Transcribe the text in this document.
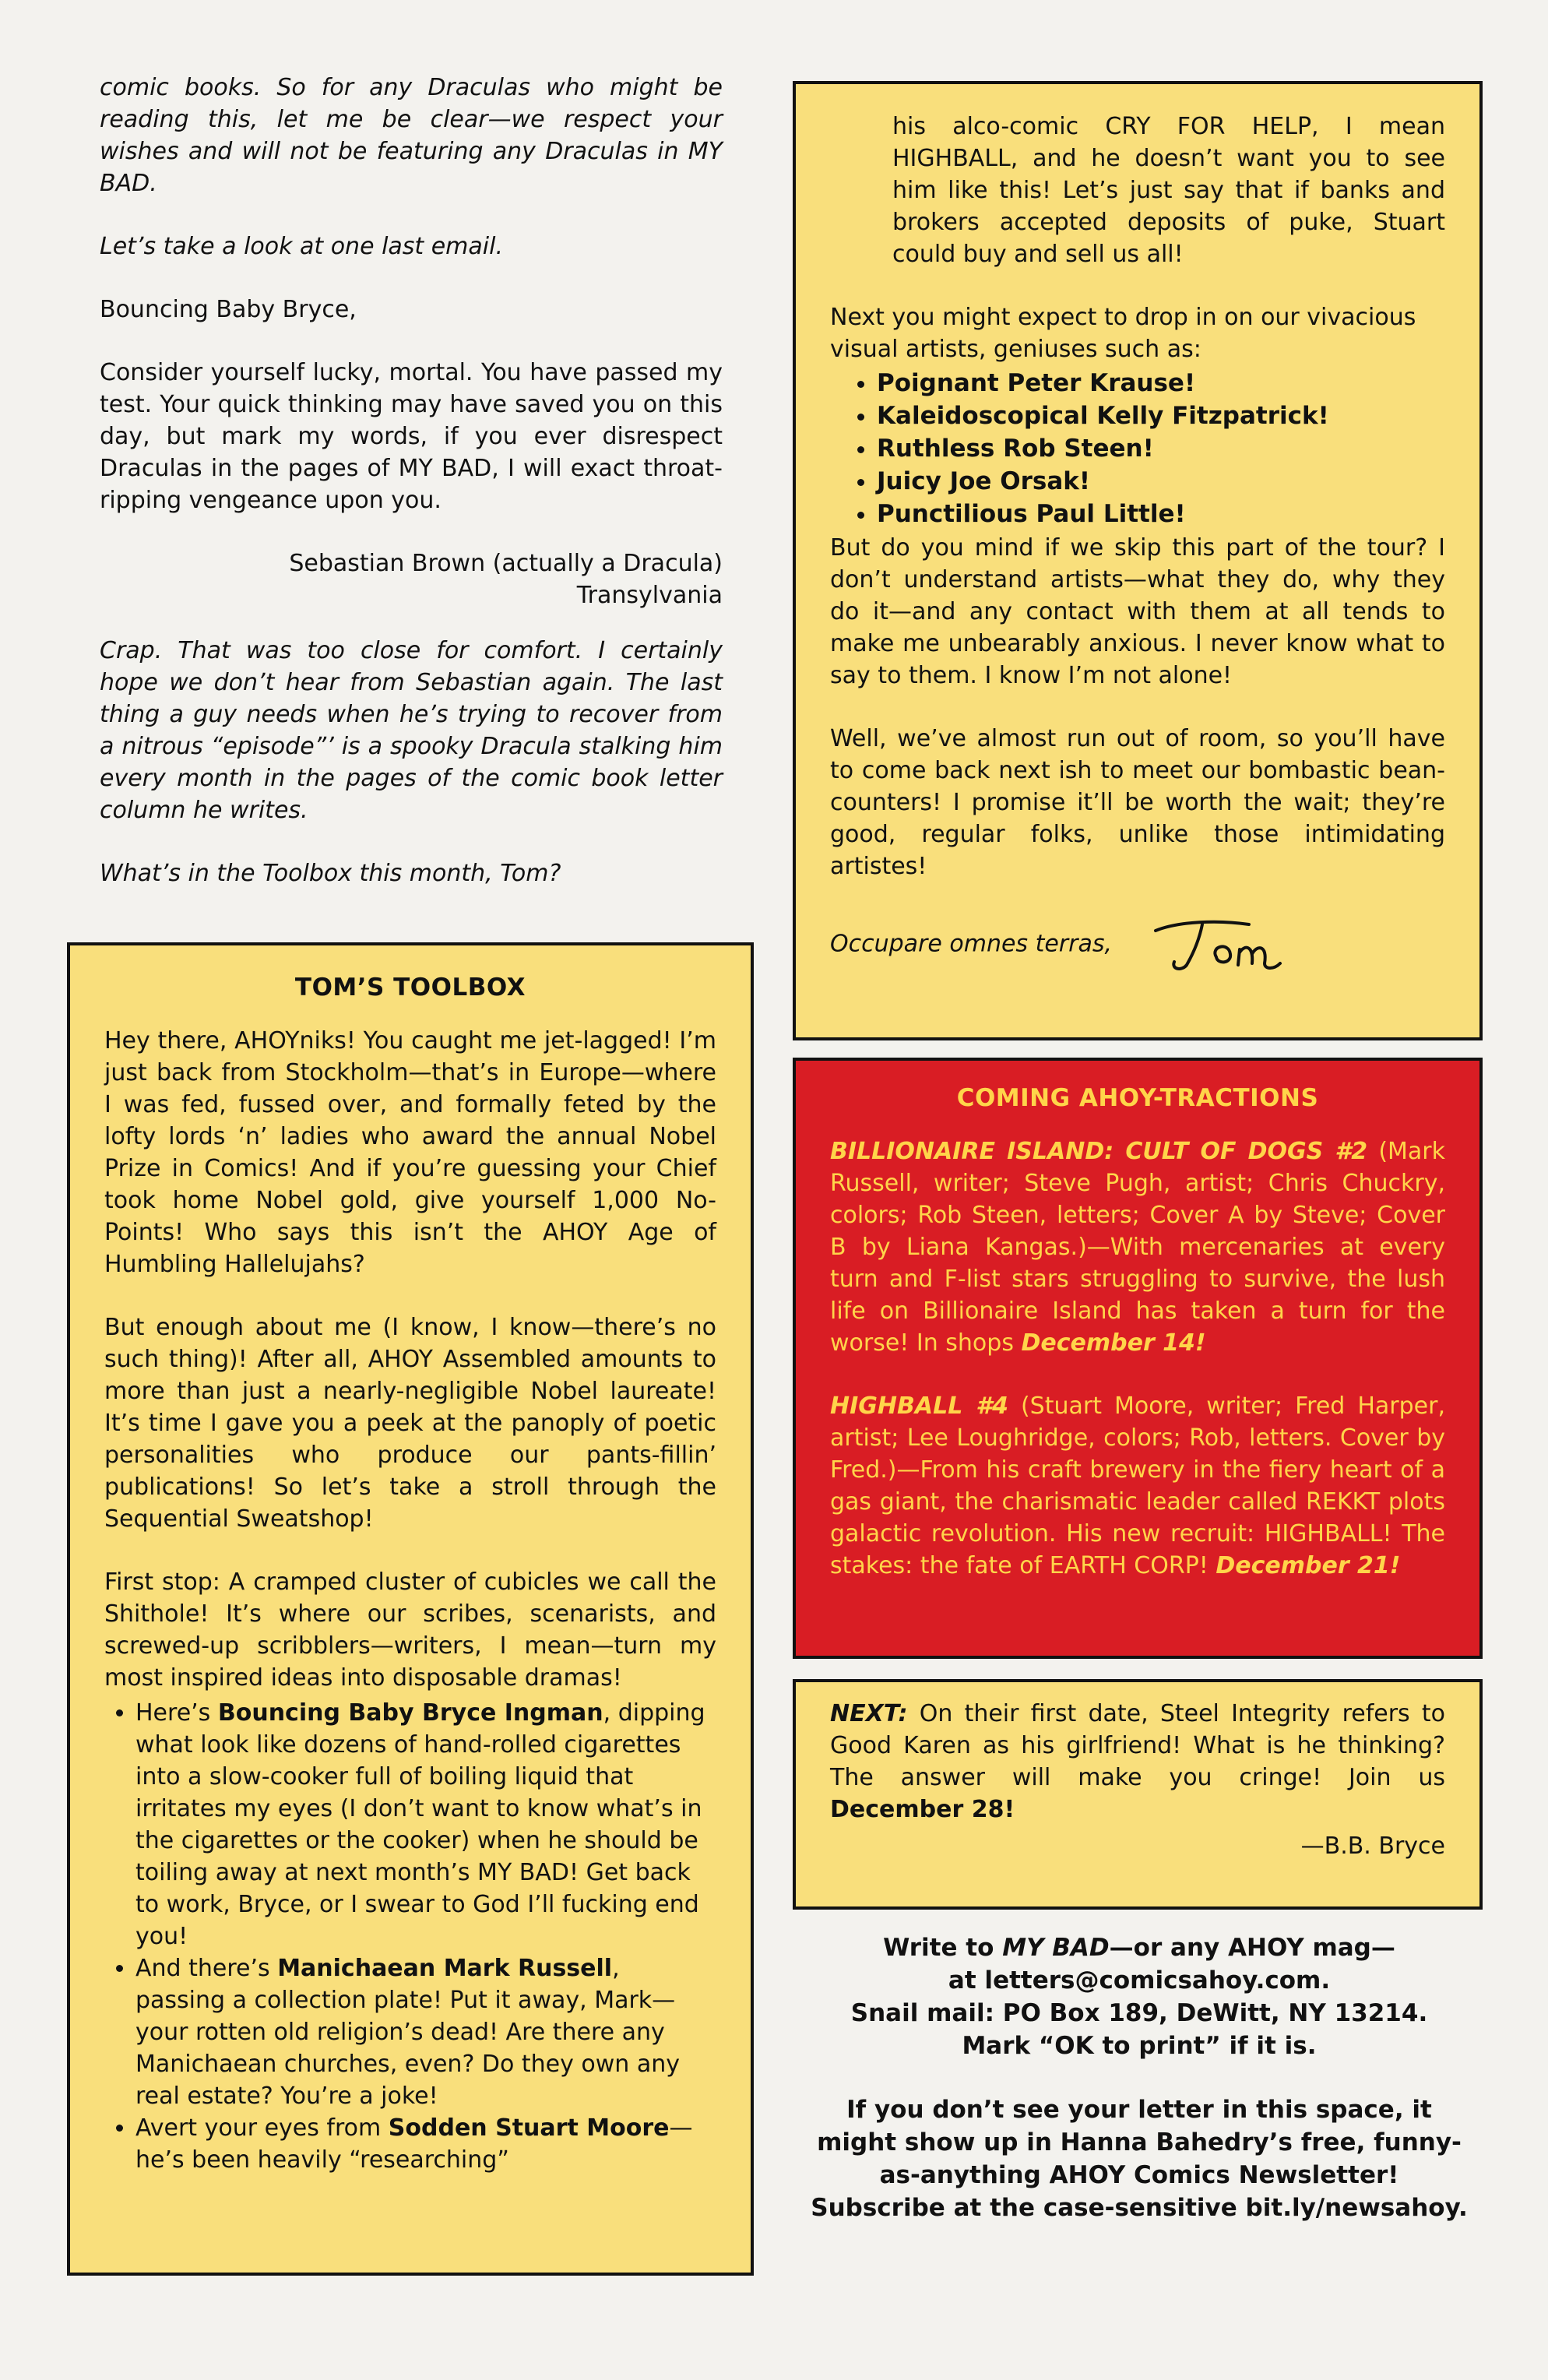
comic books. So for any Draculas who might be reading this, let me be clear—we respect your wishes and will not be featuring any Draculas in MY BAD.

Let’s take a look at one last email.

Bouncing Baby Bryce,

Consider yourself lucky, mortal. You have passed my test. Your quick thinking may have saved you on this day, but mark my words, if you ever disrespect Draculas in the pages of MY BAD, I will exact throat-ripping vengeance upon you.

Sebastian Brown (actually a Dracula)
Transylvania

Crap. That was too close for comfort. I certainly hope we don’t hear from Sebastian again. The last thing a guy needs when he’s trying to recover from a nitrous “episode”’ is a spooky Dracula stalking him every month in the pages of the comic book letter column he writes.

What’s in the Toolbox this month, Tom?

TOM’S TOOLBOX

Hey there, AHOYniks! You caught me jet-lagged! I’m just back from Stockholm—that’s in Europe—where I was fed, fussed over, and formally feted by the lofty lords ‘n’ ladies who award the annual Nobel Prize in Comics! And if you’re guessing your Chief took home Nobel gold, give yourself 1,000 No-Points! Who says this isn’t the AHOY Age of Humbling Hallelujahs?

But enough about me (I know, I know—there’s no such thing)! After all, AHOY Assembled amounts to more than just a nearly-negligible Nobel laureate! It’s time I gave you a peek at the panoply of poetic personalities who produce our pants-fillin’ publications! So let’s take a stroll through the Sequential Sweatshop!

First stop: A cramped cluster of cubicles we call the Shithole! It’s where our scribes, scenarists, and screwed-up scribblers—writers, I mean—turn my most inspired ideas into disposable dramas!

• Here’s Bouncing Baby Bryce Ingman, dipping what look like dozens of hand-rolled cigarettes into a slow-cooker full of boiling liquid that irritates my eyes (I don’t want to know what’s in the cigarettes or the cooker) when he should be toiling away at next month’s MY BAD! Get back to work, Bryce, or I swear to God I’ll fucking end you!
• And there’s Manichaean Mark Russell, passing a collection plate! Put it away, Mark—your rotten old religion’s dead! Are there any Manichaean churches, even? Do they own any real estate? You’re a joke!
• Avert your eyes from Sodden Stuart Moore—he’s been heavily “researching”

his alco-comic CRY FOR HELP, I mean HIGHBALL, and he doesn’t want you to see him like this! Let’s just say that if banks and brokers accepted deposits of puke, Stuart could buy and sell us all!

Next you might expect to drop in on our vivacious visual artists, geniuses such as:

• Poignant Peter Krause!
• Kaleidoscopical Kelly Fitzpatrick!
• Ruthless Rob Steen!
• Juicy Joe Orsak!
• Punctilious Paul Little!

But do you mind if we skip this part of the tour? I don’t understand artists—what they do, why they do it—and any contact with them at all tends to make me unbearably anxious. I never know what to say to them. I know I’m not alone!

Well, we’ve almost run out of room, so you’ll have to come back next ish to meet our bombastic bean-counters! I promise it’ll be worth the wait; they’re good, regular folks, unlike those intimidating artistes!

Occupare omnes terras,

COMING AHOY-TRACTIONS

BILLIONAIRE ISLAND: CULT OF DOGS #2 (Mark Russell, writer; Steve Pugh, artist; Chris Chuckry, colors; Rob Steen, letters; Cover A by Steve; Cover B by Liana Kangas.)—With mercenaries at every turn and F-list stars struggling to survive, the lush life on Billionaire Island has taken a turn for the worse! In shops December 14!

HIGHBALL #4 (Stuart Moore, writer; Fred Harper, artist; Lee Loughridge, colors; Rob, letters. Cover by Fred.)—From his craft brewery in the fiery heart of a gas giant, the charismatic leader called REKKT plots galactic revolution. His new recruit: HIGHBALL! The stakes: the fate of EARTH CORP! December 21!

NEXT: On their first date, Steel Integrity refers to Good Karen as his girlfriend! What is he thinking? The answer will make you cringe! Join us December 28!

—B.B. Bryce

Write to MY BAD—or any AHOY mag—
at letters@comicsahoy.com.
Snail mail: PO Box 189, DeWitt, NY 13214.
Mark “OK to print” if it is.

If you don’t see your letter in this space, it might show up in Hanna Bahedry’s free, funny-as-anything AHOY Comics Newsletter! Subscribe at the case-sensitive bit.ly/newsahoy.
